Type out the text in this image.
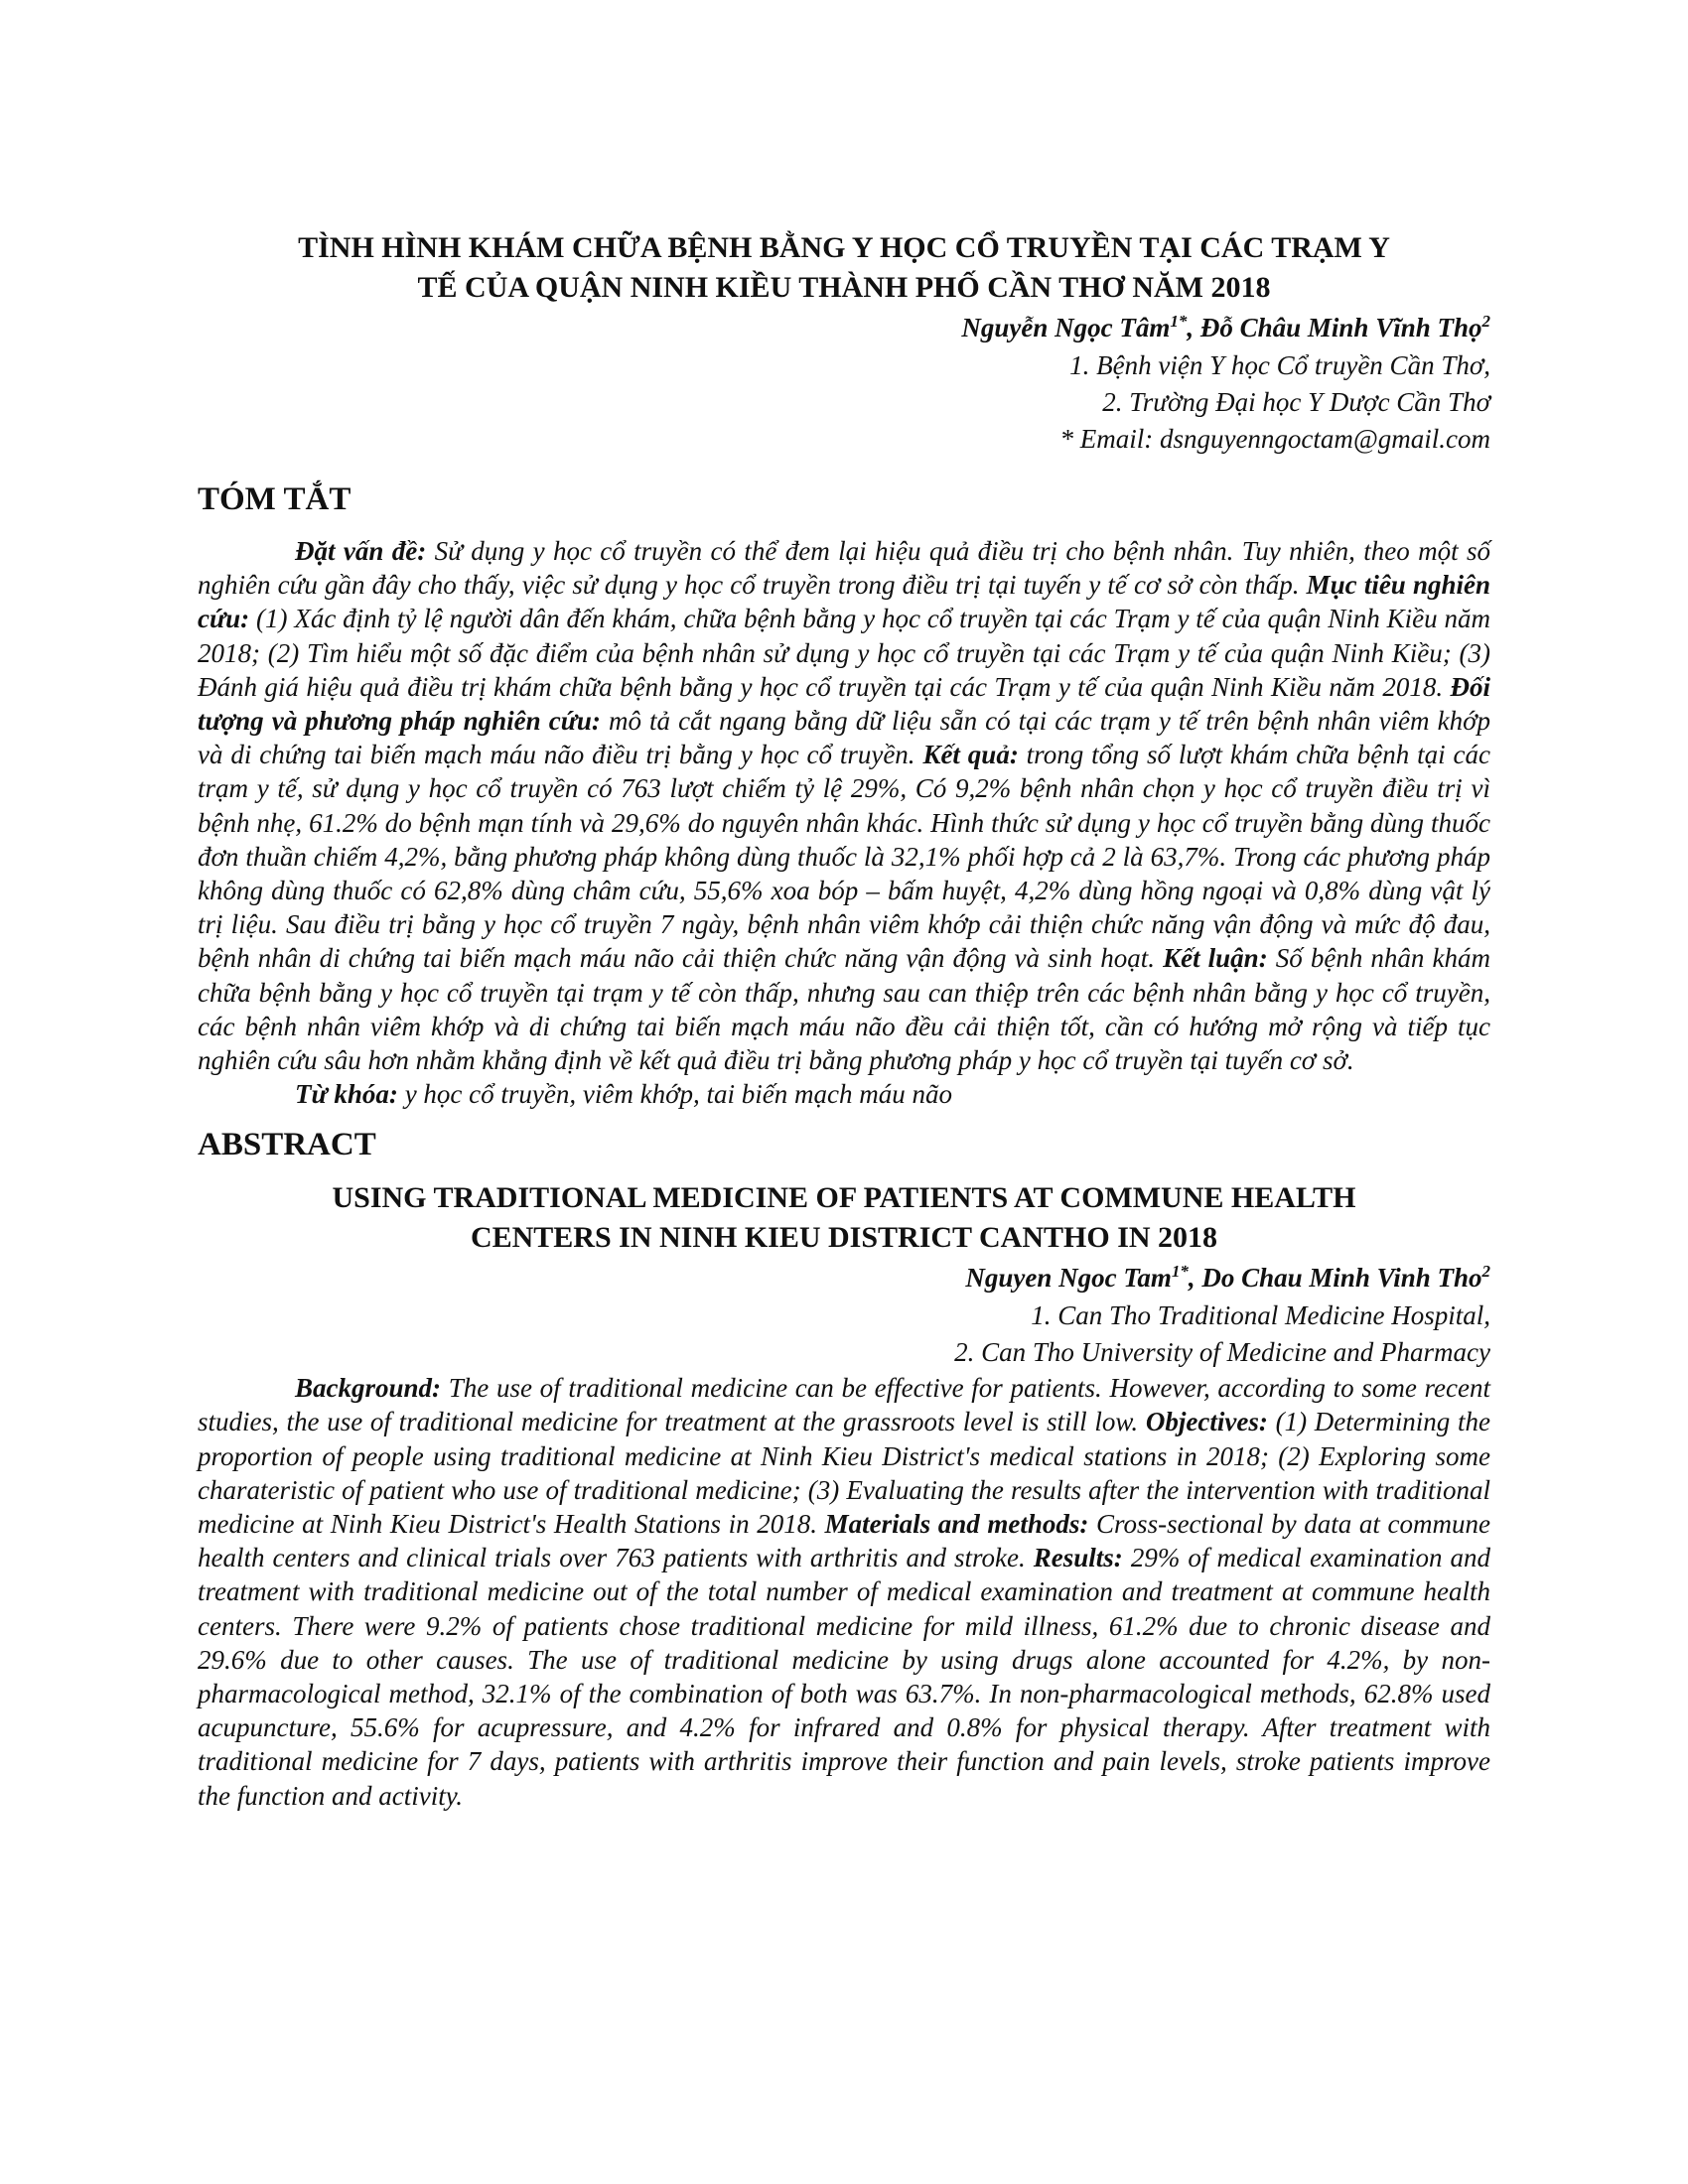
TÌNH HÌNH KHÁM CHỮA BỆNH BẰNG Y HỌC CỔ TRUYỀN TẠI CÁC TRẠM Y
TẾ CỦA QUẬN NINH KIỀU THÀNH PHỐ CẦN THƠ NĂM 2018

Nguyễn Ngọc Tâm$^{1*}$, Đỗ Châu Minh Vĩnh Thọ$^2$

1. Bệnh viện Y học Cổ truyền Cần Thơ,

2. Trường Đại học Y Dược Cần Thơ

* Email: dsnguyenngoctam@gmail.com

TÓM TẮT

Đặt vấn đề: Sử dụng y học cổ truyền có thể đem lại hiệu quả điều trị cho bệnh nhân. Tuy nhiên, theo một số nghiên cứu gần đây cho thấy, việc sử dụng y học cổ truyền trong điều trị tại tuyến y tế cơ sở còn thấp. Mục tiêu nghiên cứu: (1) Xác định tỷ lệ người dân đến khám, chữa bệnh bằng y học cổ truyền tại các Trạm y tế của quận Ninh Kiều năm 2018; (2) Tìm hiểu một số đặc điểm của bệnh nhân sử dụng y học cổ truyền tại các Trạm y tế của quận Ninh Kiều; (3) Đánh giá hiệu quả điều trị khám chữa bệnh bằng y học cổ truyền tại các Trạm y tế của quận Ninh Kiều năm 2018. Đối tượng và phương pháp nghiên cứu: mô tả cắt ngang bằng dữ liệu sẵn có tại các trạm y tế trên bệnh nhân viêm khớp và di chứng tai biến mạch máu não điều trị bằng y học cổ truyền. Kết quả: trong tổng số lượt khám chữa bệnh tại các trạm y tế, sử dụng y học cổ truyền có 763 lượt chiếm tỷ lệ 29%, Có 9,2% bệnh nhân chọn y học cổ truyền điều trị vì bệnh nhẹ, 61.2% do bệnh mạn tính và 29,6% do nguyên nhân khác. Hình thức sử dụng y học cổ truyền bằng dùng thuốc đơn thuần chiếm 4,2%, bằng phương pháp không dùng thuốc là 32,1% phối hợp cả 2 là 63,7%. Trong các phương pháp không dùng thuốc có 62,8% dùng châm cứu, 55,6% xoa bóp – bấm huyệt, 4,2% dùng hồng ngoại và 0,8% dùng vật lý trị liệu. Sau điều trị bằng y học cổ truyền 7 ngày, bệnh nhân viêm khớp cải thiện chức năng vận động và mức độ đau, bệnh nhân di chứng tai biến mạch máu não cải thiện chức năng vận động và sinh hoạt. Kết luận: Số bệnh nhân khám chữa bệnh bằng y học cổ truyền tại trạm y tế còn thấp, nhưng sau can thiệp trên các bệnh nhân bằng y học cổ truyền, các bệnh nhân viêm khớp và di chứng tai biến mạch máu não đều cải thiện tốt, cần có hướng mở rộng và tiếp tục nghiên cứu sâu hơn nhằm khẳng định về kết quả điều trị bằng phương pháp y học cổ truyền tại tuyến cơ sở.

Từ khóa: y học cổ truyền, viêm khớp, tai biến mạch máu não

ABSTRACT
USING TRADITIONAL MEDICINE OF PATIENTS AT COMMUNE HEALTH
CENTERS IN NINH KIEU DISTRICT CANTHO IN 2018

Nguyen Ngoc Tam$^{1*}$, Do Chau Minh Vinh Tho$^2$

1. Can Tho Traditional Medicine Hospital,

2. Can Tho University of Medicine and Pharmacy

Background: The use of traditional medicine can be effective for patients. However, according to some recent studies, the use of traditional medicine for treatment at the grassroots level is still low. Objectives: (1) Determining the proportion of people using traditional medicine at Ninh Kieu District's medical stations in 2018; (2) Exploring some charateristic of patient who use of traditional medicine; (3) Evaluating the results after the intervention with traditional medicine at Ninh Kieu District's Health Stations in 2018. Materials and methods: Cross-sectional by data at commune health centers and clinical trials over 763 patients with arthritis and stroke. Results: 29% of medical examination and treatment with traditional medicine out of the total number of medical examination and treatment at commune health centers. There were 9.2% of patients chose traditional medicine for mild illness, 61.2% due to chronic disease and 29.6% due to other causes. The use of traditional medicine by using drugs alone accounted for 4.2%, by non-pharmacological method, 32.1% of the combination of both was 63.7%. In non-pharmacological methods, 62.8% used acupuncture, 55.6% for acupressure, and 4.2% for infrared and 0.8% for physical therapy. After treatment with traditional medicine for 7 days, patients with arthritis improve their function and pain levels, stroke patients improve the function and activity.
